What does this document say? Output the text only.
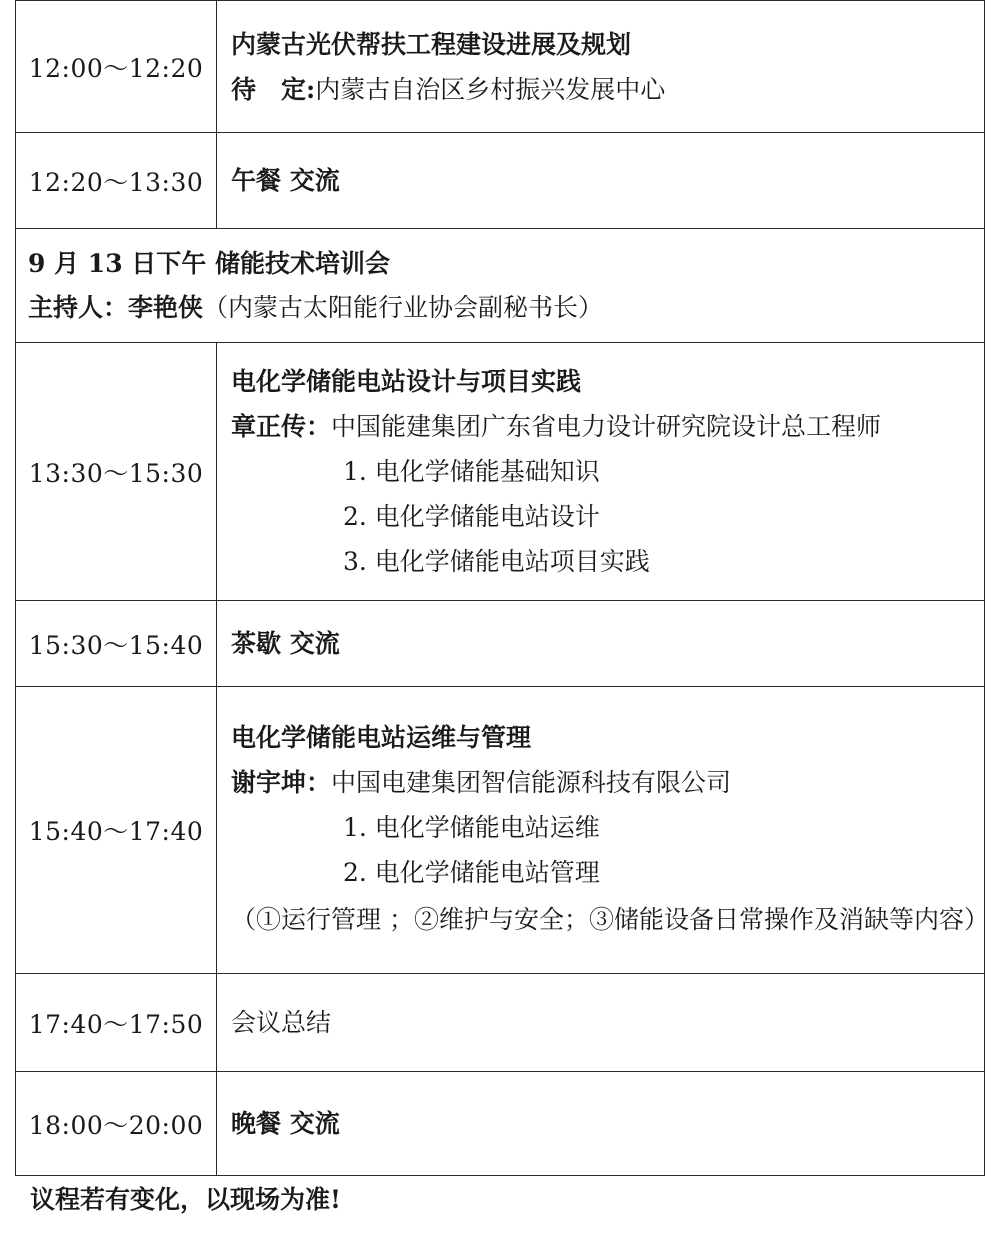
12:00～12:20	内蒙古光伏帮扶工程建设进展及规划
待　定:内蒙古自治区乡村振兴发展中心

12:20～13:30	午餐 交流

9 月 13 日下午 储能技术培训会
主持人：李艳侠（内蒙古太阳能行业协会副秘书长）	

13:30～15:30	电化学储能电站设计与项目实践
章正传：中国能建集团广东省电力设计研究院设计总工程师
1. 电化学储能基础知识
2. 电化学储能电站设计
3. 电化学储能电站项目实践

15:30～15:40	茶歇 交流

15:40～17:40	电化学储能电站运维与管理
谢宇坤：中国电建集团智信能源科技有限公司
1. 电化学储能电站运维
2. 电化学储能电站管理
（①运行管理 ；②维护与安全；③储能设备日常操作及消缺等内容）

17:40～17:50	会议总结

18:00～20:00	晚餐 交流
议程若有变化，以现场为准!
